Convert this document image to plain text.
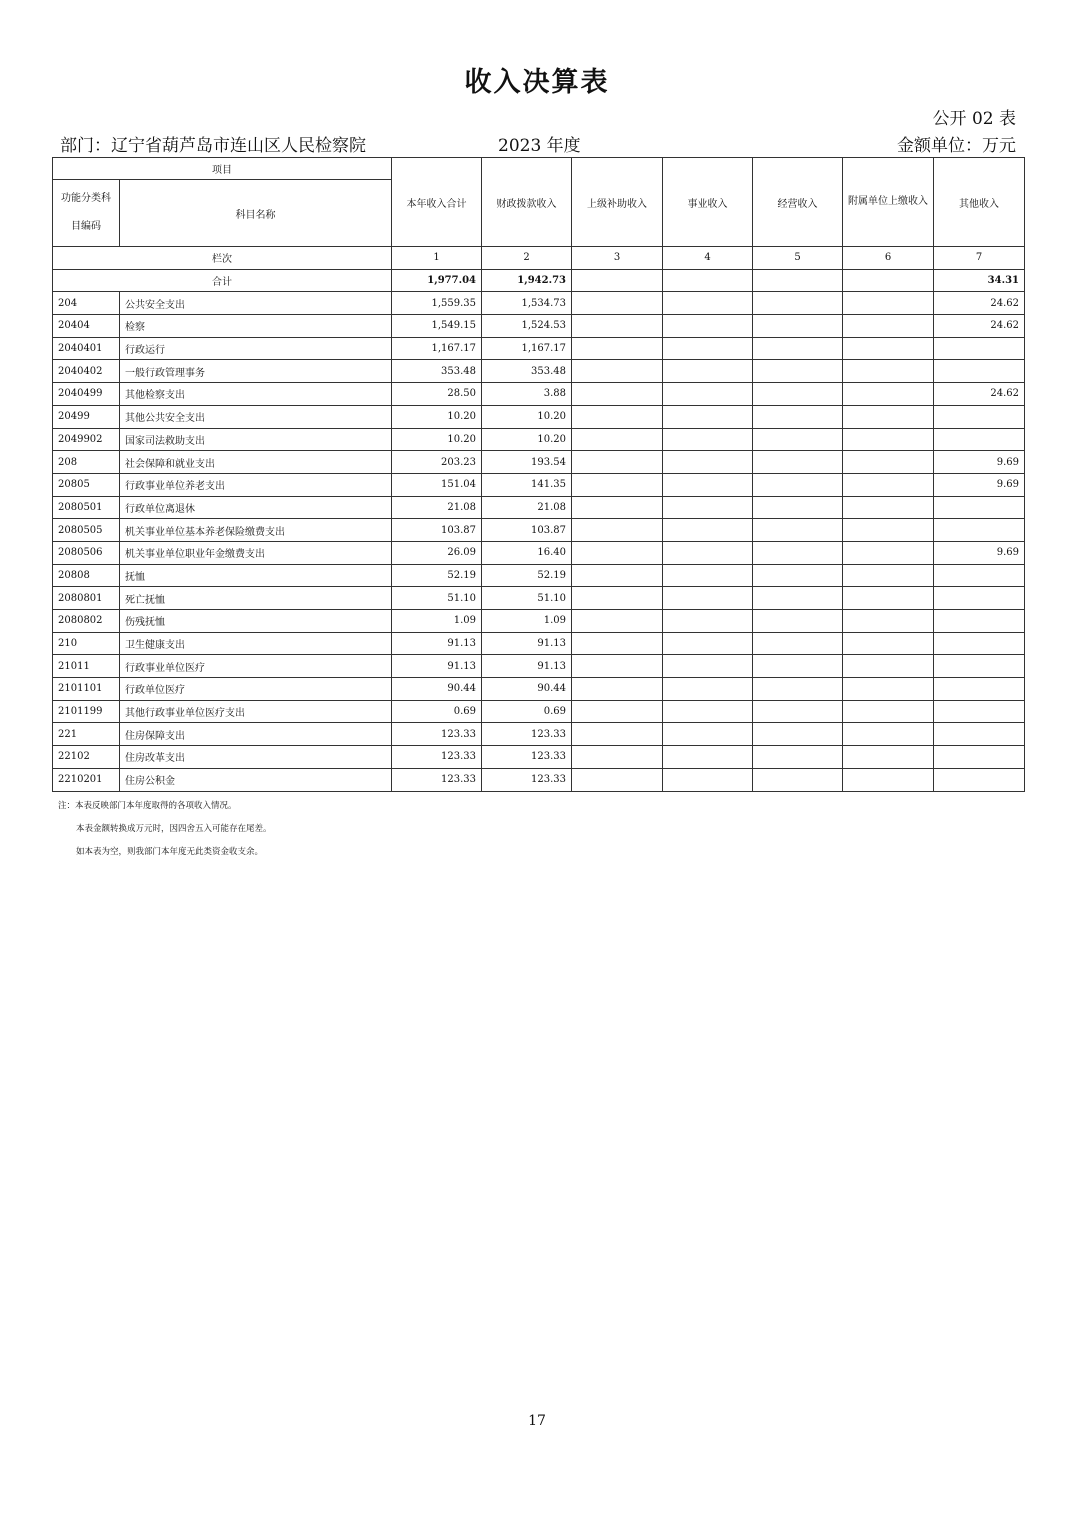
收入决算表
公开 02 表
部门：辽宁省葫芦岛市连山区人民检察院	2023 年度	金额单位：万元
项目		本年收入合计	财政拨款收入	上级补助收入	事业收入	经营收入	附属单位上缴收入	其他收入
功能分类科目编码	科目名称							
栏次		1	2	3	4	5	6	7
合计		1,977.04	1,942.73					34.31
204	公共安全支出	1,559.35	1,534.73					24.62
20404	检察	1,549.15	1,524.53					24.62
2040401	行政运行	1,167.17	1,167.17					
2040402	一般行政管理事务	353.48	353.48					
2040499	其他检察支出	28.50	3.88					24.62
20499	其他公共安全支出	10.20	10.20					
2049902	国家司法救助支出	10.20	10.20					
208	社会保障和就业支出	203.23	193.54					9.69
20805	行政事业单位养老支出	151.04	141.35					9.69
2080501	行政单位离退休	21.08	21.08					
2080505	机关事业单位基本养老保险缴费支出	103.87	103.87					
2080506	机关事业单位职业年金缴费支出	26.09	16.40					9.69
20808	抚恤	52.19	52.19					
2080801	死亡抚恤	51.10	51.10					
2080802	伤残抚恤	1.09	1.09					
210	卫生健康支出	91.13	91.13					
21011	行政事业单位医疗	91.13	91.13					
2101101	行政单位医疗	90.44	90.44					
2101199	其他行政事业单位医疗支出	0.69	0.69					
221	住房保障支出	123.33	123.33					
22102	住房改革支出	123.33	123.33					
2210201	住房公积金	123.33	123.33					
注：本表反映部门本年度取得的各项收入情况。
本表金额转换成万元时，因四舍五入可能存在尾差。
如本表为空，则我部门本年度无此类资金收支余。
17
